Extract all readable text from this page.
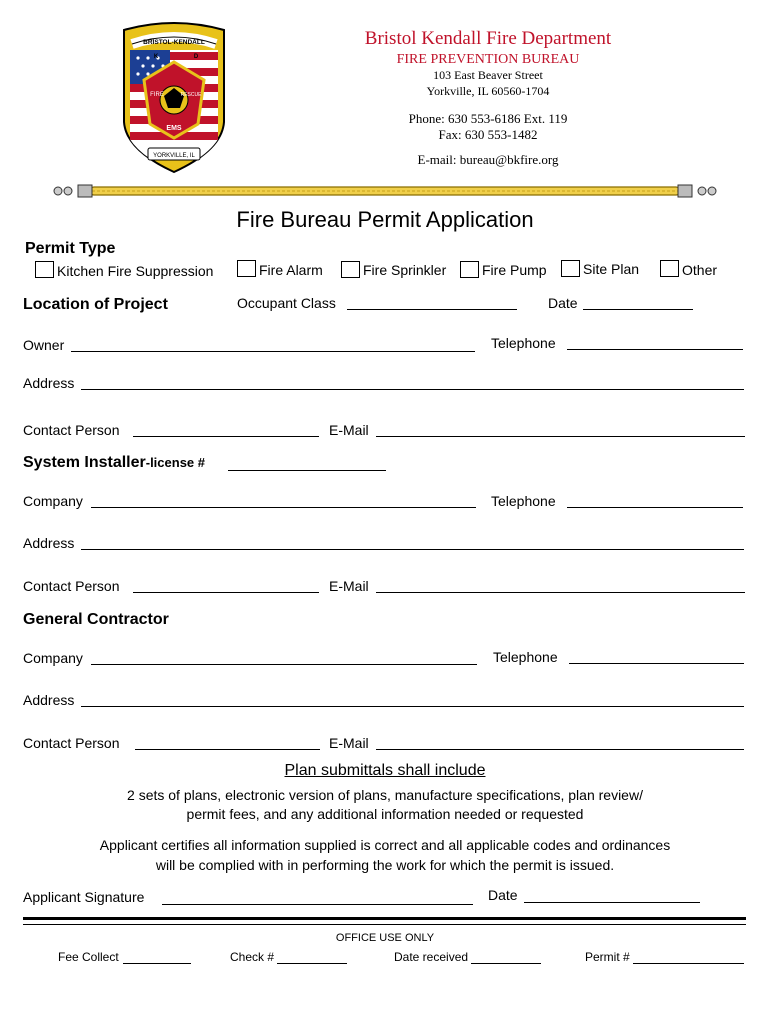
BRISTOL-KENDALL
FIRE	RESCUE
EMS
YORKVILLE, IL
K	D
Bristol Kendall Fire Department
FIRE PREVENTION BUREAU
103 East Beaver Street
Yorkville, IL 60560-1704
Phone: 630 553-6186 Ext. 119
Fax: 630 553-1482
E-mail: bureau@bkfire.org
Fire Bureau Permit Application
Permit Type
Kitchen Fire Suppression	Fire Alarm	Fire Sprinkler	Fire Pump	Site Plan	Other
Location of Project	Occupant Class	Date
Owner	Telephone
Address
Contact Person	E-Mail
System Installer-license #
Company	Telephone
Address
Contact Person	E-Mail
General Contractor
Company	Telephone
Address
Contact Person	E-Mail
Plan submittals shall include
2 sets of plans, electronic version of plans, manufacture specifications, plan review/
permit fees, and any additional information needed or requested
Applicant certifies all information supplied is correct and all applicable codes and ordinances
will be complied with in performing the work for which the permit is issued.
Applicant Signature	Date
OFFICE USE ONLY
Fee Collect	Check #	Date received	Permit #
